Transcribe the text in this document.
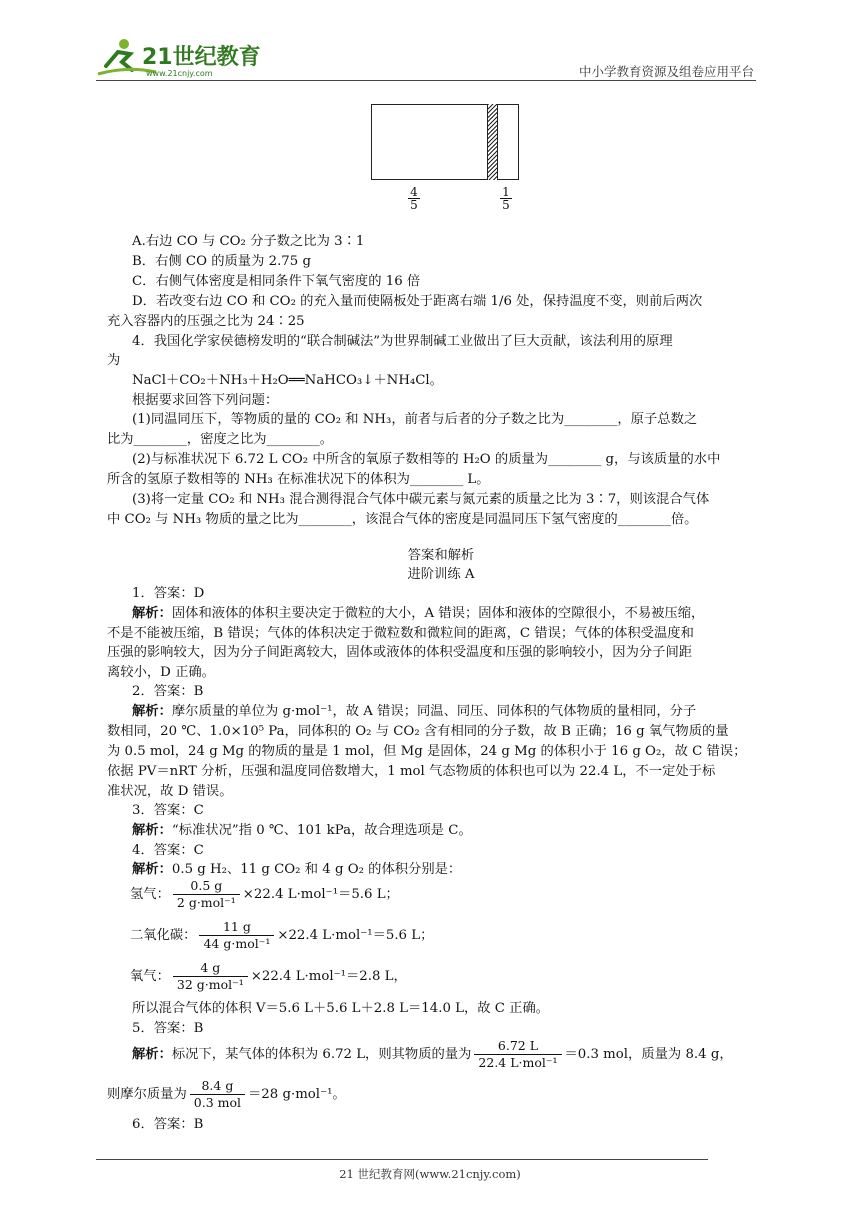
21世纪教育
www.21cnjy.com	中小学教育资源及组卷应用平台
$\frac{4}{5}$	$\frac{1}{5}$
A.右边 CO 与 CO₂ 分子数之比为 3∶1
B．右侧 CO 的质量为 2.75 g
C．右侧气体密度是相同条件下氧气密度的 16 倍
D．若改变右边 CO 和 CO₂ 的充入量而使隔板处于距离右端 1/6 处，保持温度不变，则前后两次
充入容器内的压强之比为 24∶25
4．我国化学家侯德榜发明的“联合制碱法”为世界制碱工业做出了巨大贡献，该法利用的原理
为
NaCl＋CO₂＋NH₃＋H₂O══NaHCO₃↓＋NH₄Cl。
根据要求回答下列问题：
(1)同温同压下，等物质的量的 CO₂ 和 NH₃，前者与后者的分子数之比为________，原子总数之
比为________，密度之比为________。
(2)与标准状况下 6.72 L CO₂ 中所含的氧原子数相等的 H₂O 的质量为________ g，与该质量的水中
所含的氢原子数相等的 NH₃ 在标准状况下的体积为________ L。
(3)将一定量 CO₂ 和 NH₃ 混合测得混合气体中碳元素与氮元素的质量之比为 3∶7，则该混合气体
中 CO₂ 与 NH₃ 物质的量之比为________，该混合气体的密度是同温同压下氢气密度的________倍。
答案和解析
进阶训练 A
1．答案：D
解析：固体和液体的体积主要决定于微粒的大小，A 错误；固体和液体的空隙很小，不易被压缩，
不是不能被压缩，B 错误；气体的体积决定于微粒数和微粒间的距离，C 错误；气体的体积受温度和
压强的影响较大，因为分子间距离较大，固体或液体的体积受温度和压强的影响较小，因为分子间距
离较小，D 正确。
2．答案：B
解析：摩尔质量的单位为 g·mol⁻¹，故 A 错误；同温、同压、同体积的气体物质的量相同，分子
数相同，20 ℃、1.0×10⁵ Pa，同体积的 O₂ 与 CO₂ 含有相同的分子数，故 B 正确；16 g 氧气物质的量
为 0.5 mol，24 g Mg 的物质的量是 1 mol，但 Mg 是固体，24 g Mg 的体积小于 16 g O₂，故 C 错误；
依据 PV＝nRT 分析，压强和温度同倍数增大，1 mol 气态物质的体积也可以为 22.4 L，不一定处于标
准状况，故 D 错误。
3．答案：C
解析：“标准状况”指 0 ℃、101 kPa，故合理选项是 C。
4．答案：C
解析：0.5 g H₂、11 g CO₂ 和 4 g O₂ 的体积分别是：
氢气：
0.5 g
2 g·mol⁻¹
×22.4 L·mol⁻¹＝5.6 L；
二氧化碳：
11 g
44 g·mol⁻¹
×22.4 L·mol⁻¹＝5.6 L；
氧气：
4 g
32 g·mol⁻¹
×22.4 L·mol⁻¹＝2.8 L，
所以混合气体的体积 V＝5.6 L＋5.6 L＋2.8 L＝14.0 L，故 C 正确。
5．答案：B
解析：标况下，某气体的体积为 6.72 L，则其物质的量为
6.72 L
22.4 L·mol⁻¹
＝0.3 mol，质量为 8.4 g，
则摩尔质量为
8.4 g
0.3 mol
＝28 g·mol⁻¹。
6．答案：B
21 世纪教育网(www.21cnjy.com)
